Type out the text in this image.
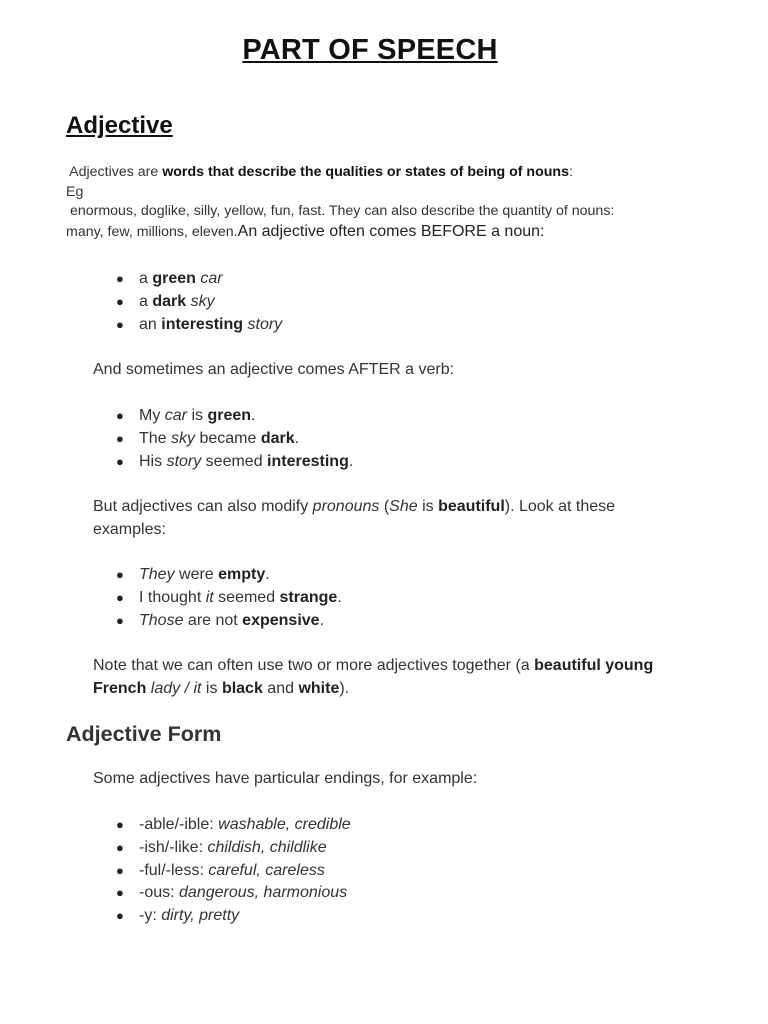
PART OF SPEECH
Adjective
Adjectives are words that describe the qualities or states of being of nouns:
Eg
enormous, doglike, silly, yellow, fun, fast. They can also describe the quantity of nouns:
many, few, millions, eleven.An adjective often comes BEFORE a noun:
● a green car
● a dark sky
● an interesting story

And sometimes an adjective comes AFTER a verb:

● My car is green.
● The sky became dark.
● His story seemed interesting.

But adjectives can also modify pronouns (She is beautiful). Look at these examples:

● They were empty.
● I thought it seemed strange.
● Those are not expensive.

Note that we can often use two or more adjectives together (a beautiful young French lady / it is black and white).

Adjective Form

Some adjectives have particular endings, for example:

● -able/-ible: washable, credible
● -ish/-like: childish, childlike
● -ful/-less: careful, careless
● -ous: dangerous, harmonious
● -y: dirty, pretty
